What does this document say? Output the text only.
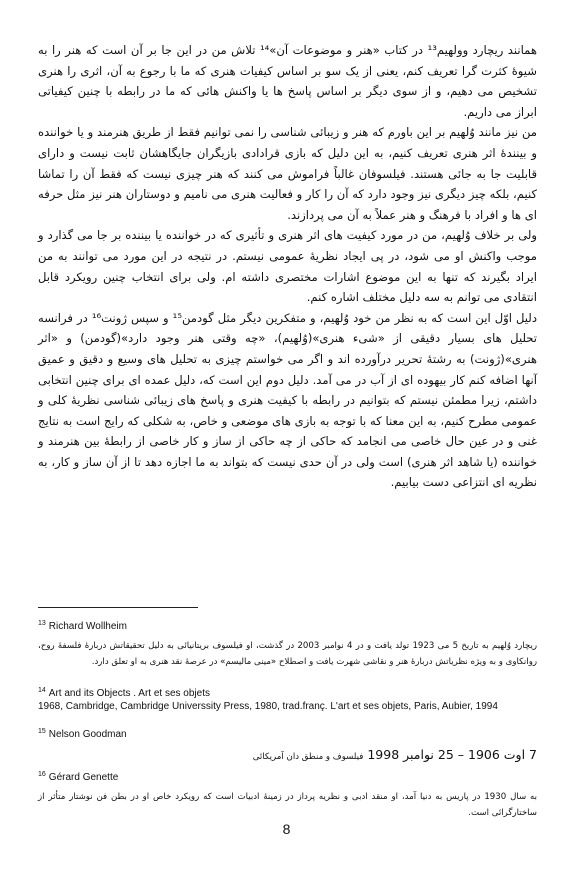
همانند ریچارد وولهیم¹³ در کتاب «هنر و موضوعات آن»¹⁴ تلاش من در این جا بر آن است که هنر را به شیوهٔ کثرت گرا تعریف کنم، یعنی از یک سو بر اساس کیفیات هنری که ما با رجوع به آن، اثری را هنری تشخیص می دهیم، و از سوی دیگر بر اساس پاسخ ها یا واکنش هائی که ما در رابطه با چنین کیفیاتی ابراز می داریم.

من نیز مانند وُلهیم بر این باورم که هنر و زیبائی شناسی را نمی توانیم فقط از طریق هنرمند و یا خواننده و بینندهٔ اثر هنری تعریف کنیم، به این دلیل که بازی قرادادی بازیگران جایگاهشان ثابت نیست و دارای قابلیت جا به جائی هستند. فیلسوفان غالباً فراموش می کنند که هنر چیزی نیست که فقط آن را تماشا کنیم، بلکه چیز دیگری نیز وجود دارد که آن را کار و فعالیت هنری می نامیم و دوستاران هنر نیز مثل حرفه ای ها و افراد با فرهنگ و هنر عملاً به آن می پردازند.

ولی بر خلاف وُلهیم، من در مورد کیفیت های اثر هنری و تأثیری که در خواننده یا بیننده بر جا می گذارد و موجب واکنش او می شود، در پی ایجاد نظریهٔ عمومی نیستم. در نتیجه در این مورد می توانند به من ایراد بگیرند که تنها به این موضوع اشارات مختصری داشته ام. ولی برای انتخاب چنین رویکرد قابل انتقادی می توانم به سه دلیل مختلف اشاره کنم.

دلیل اوّل این است که به نظر من خود وُلهیم، و متفکرین دیگر مثل گودمن¹⁵ و سپس ژونت¹⁶ در فرانسه تحلیل های بسیار دقیقی از «شیء هنری»(وُلهیم)، «چه وقتی هنر وجود دارد»(گودمن) و «اثر هنری»(ژونت) به رشتهٔ تحریر درآورده اند و اگر می خواستم چیزی به تحلیل های وسیع و دقیق و عمیق آنها اضافه کنم کار بیهوده ای از آب در می آمد. دلیل دوم این است که، دلیل عمده ای برای چنین انتخابی داشتم، زیرا مطمئن نیستم که بتوانیم در رابطه با کیفیت هنری و پاسخ های زیبائی شناسی نظریهٔ کلی و عمومی مطرح کنیم، به این معنا که با توجه به بازی های موضعی و خاص، به شکلی که رایج است به نتایج غنی و در عین حال خاصی می انجامد که حاکی از چه حاکی از ساز و کار خاصی از رابطهٔ بین هنرمند و خواننده (یا شاهد اثر هنری) است ولی در آن حدی نیست که بتواند به ما اجازه دهد تا از آن ساز و کار، به نظریه ای انتزاعی دست بیابیم.

$^{13}$ Richard Wollheim
ریچارد وُلهیم به تاریخ 5 می 1923 تولد یافت و در 4 نوامبر 2003 در گذشت، او فیلسوف بریتانیائی به دلیل تحقیقاتش دربارهٔ فلسفهٔ روح، روانکاوی و به ویژه نظریاتش دربارهٔ هنر و نقاشی شهرت یافت و اصطلاح «مینی مالیسم» در عرصهٔ نقد هنری به او تعلق دارد.
$^{14}$ Art and its Objects . Art et ses objets
1968, Cambridge, Cambridge Universsity Press, 1980, trad.franç. L'art et ses objets, Paris, Aubier, 1994
$^{15}$ Nelson Goodman
7 اوت 1906 – 25 نوامبر 1998 فیلسوف و منطق دان آمریکائی
$^{16}$ Gérard Genette
به سال 1930 در پاریس به دنیا آمد، او منقد ادبی و نظریه پرداز در زمینهٔ ادبیات است که رویکرد خاص او در بطن فن نوشتار متأثر از ساختارگرائی است.
8
